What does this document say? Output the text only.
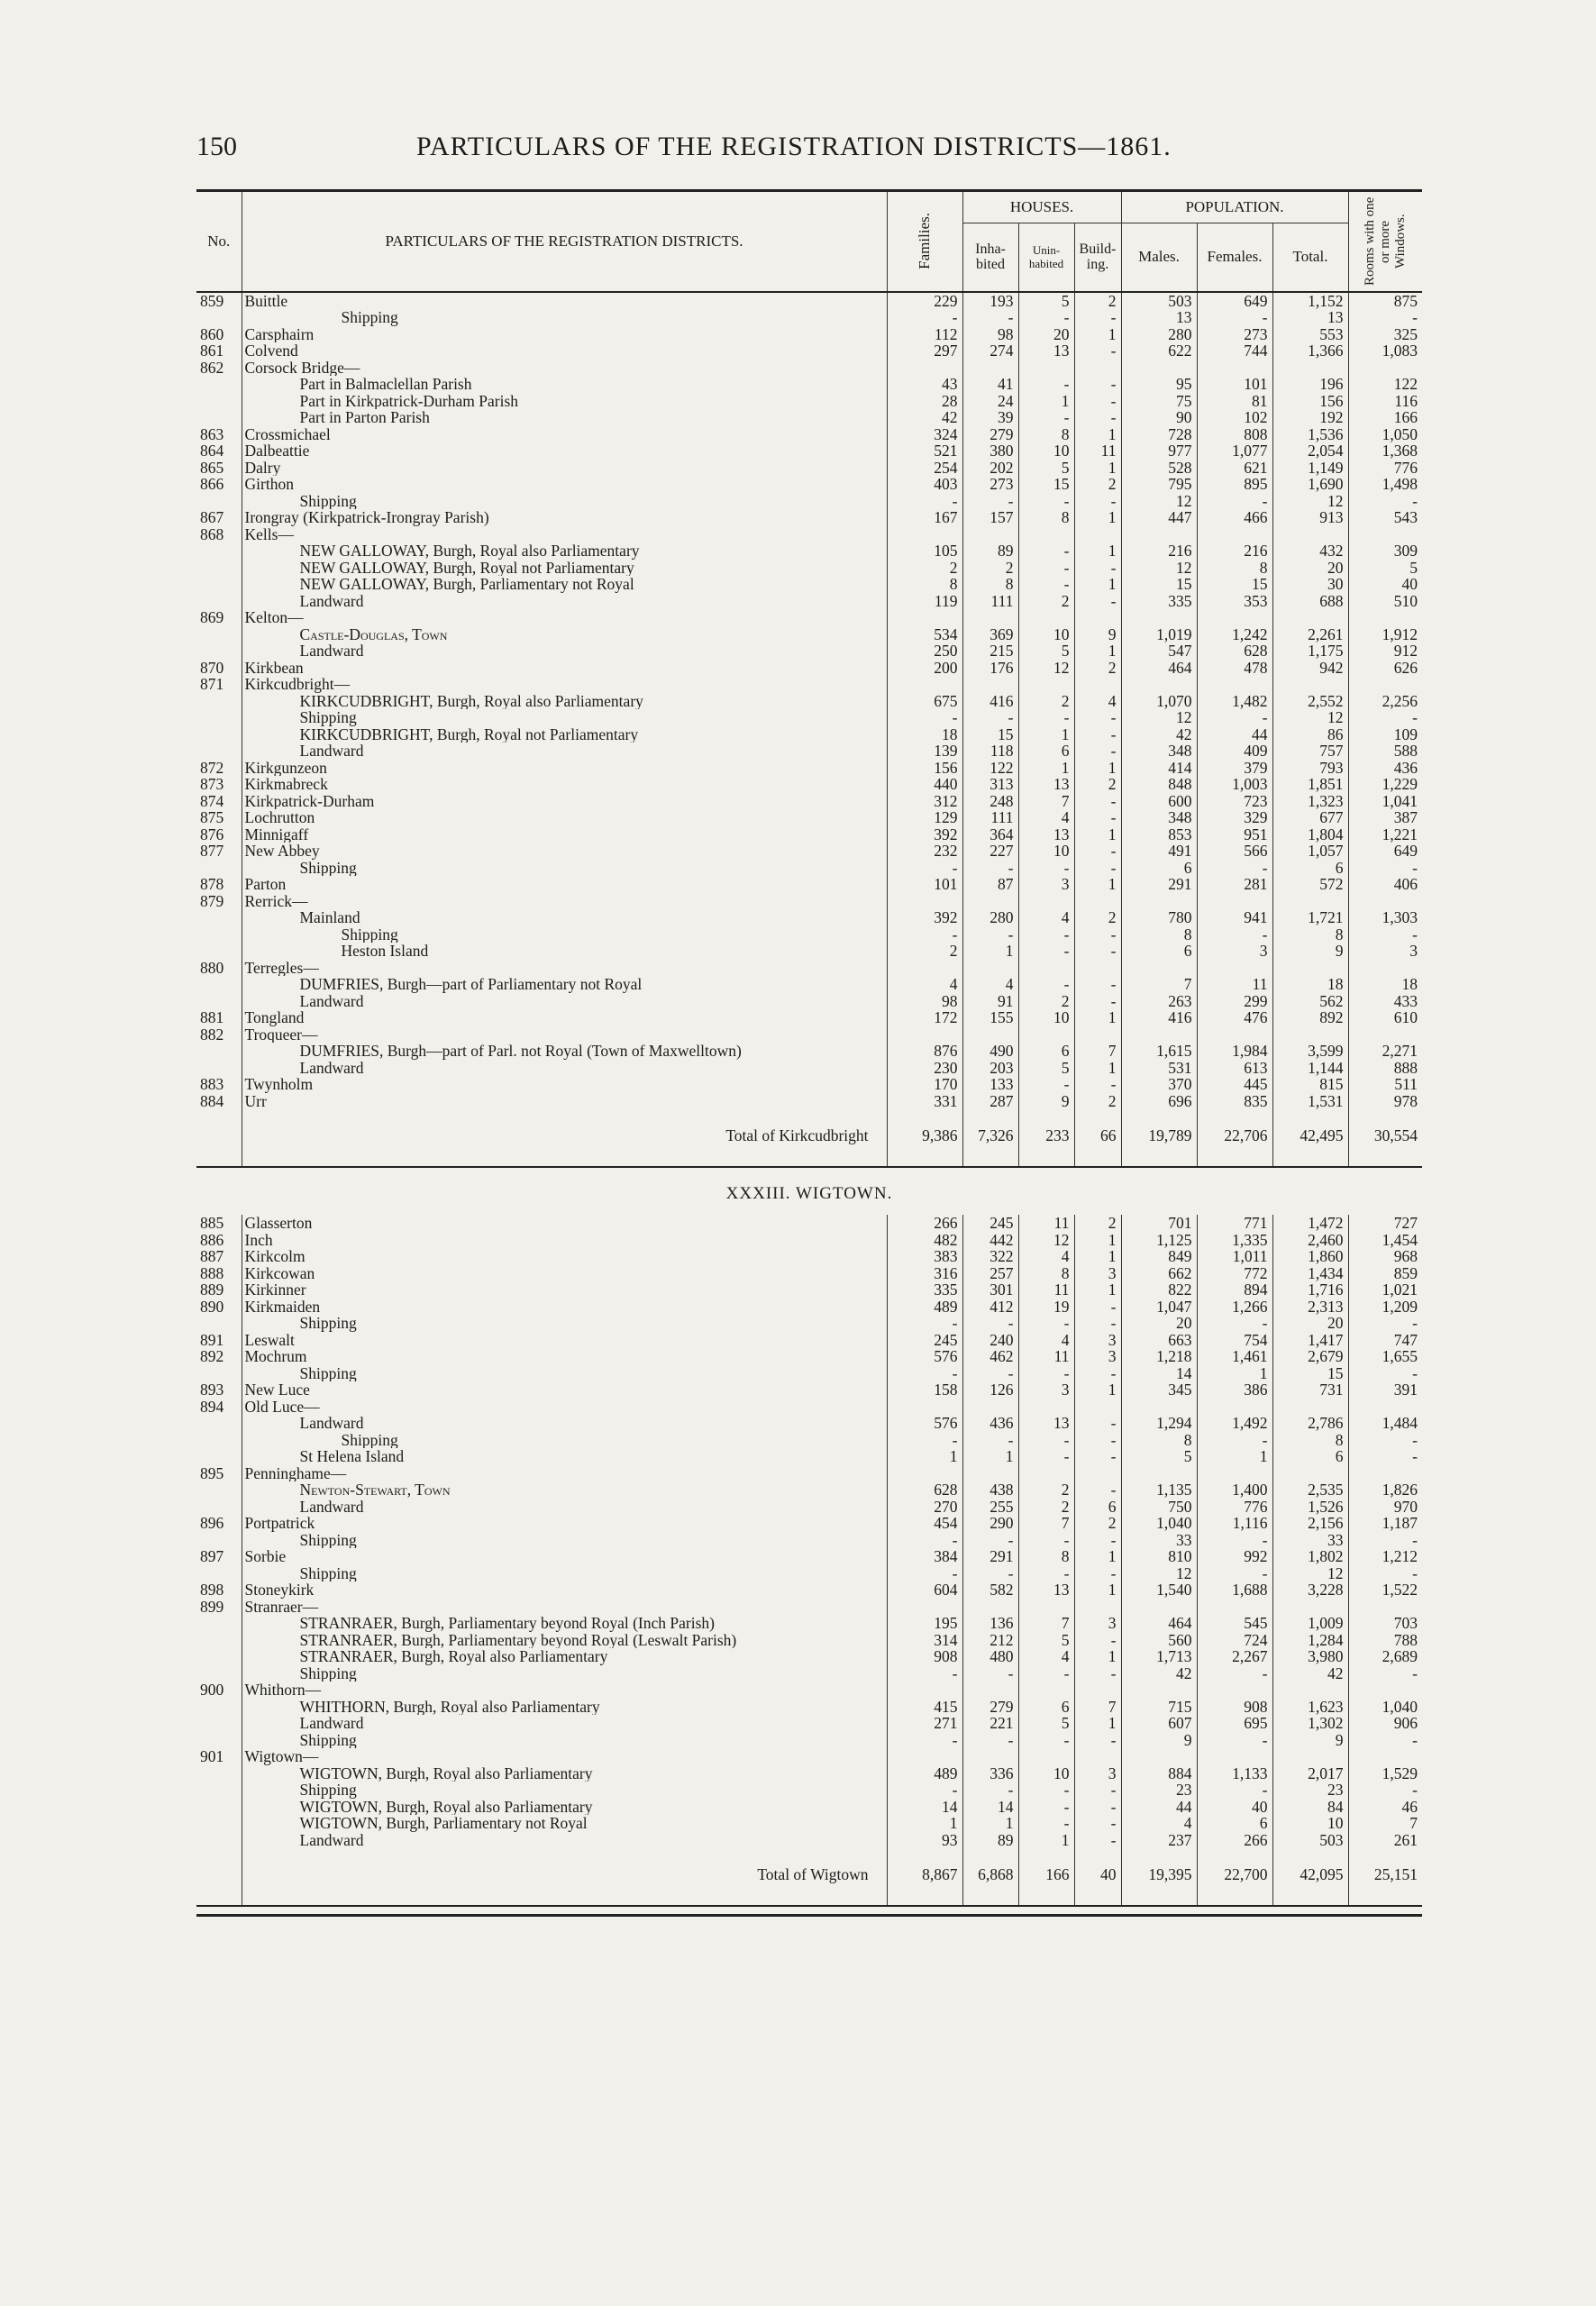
150	PARTICULARS OF THE REGISTRATION DISTRICTS—1861.
No.	PARTICULARS OF THE REGISTRATION DISTRICTS.	Families.	HOUSES.			POPULATION.			Rooms with one or more Windows.

			Inha- bited	Unin- habited	Build- ing.	Males.	Females.	Total.	
859	Buittle	229	193	5	2	503	649	1,152	875
	Shipping	-	-	-	-	13	-	13	-
860	Carsphairn	112	98	20	1	280	273	553	325
861	Colvend	297	274	13	-	622	744	1,366	1,083
862	Corsock Bridge—								
	Part in Balmaclellan Parish	43	41	-	-	95	101	196	122
	Part in Kirkpatrick-Durham Parish	28	24	1	-	75	81	156	116
	Part in Parton Parish	42	39	-	-	90	102	192	166
863	Crossmichael	324	279	8	1	728	808	1,536	1,050
864	Dalbeattie	521	380	10	11	977	1,077	2,054	1,368
865	Dalry	254	202	5	1	528	621	1,149	776
866	Girthon	403	273	15	2	795	895	1,690	1,498
	Shipping	-	-	-	-	12	-	12	-
867	Irongray (Kirkpatrick-Irongray Parish)	167	157	8	1	447	466	913	543
868	Kells—								
	NEW GALLOWAY, Burgh, Royal also Parliamentary	105	89	-	1	216	216	432	309
	NEW GALLOWAY, Burgh, Royal not Parliamentary	2	2	-	-	12	8	20	5
	NEW GALLOWAY, Burgh, Parliamentary not Royal	8	8	-	1	15	15	30	40
	Landward	119	111	2	-	335	353	688	510
869	Kelton—								
	Castle-Douglas, Town	534	369	10	9	1,019	1,242	2,261	1,912
	Landward	250	215	5	1	547	628	1,175	912
870	Kirkbean	200	176	12	2	464	478	942	626
871	Kirkcudbright—								
	KIRKCUDBRIGHT, Burgh, Royal also Parliamentary	675	416	2	4	1,070	1,482	2,552	2,256
	Shipping	-	-	-	-	12	-	12	-
	KIRKCUDBRIGHT, Burgh, Royal not Parliamentary	18	15	1	-	42	44	86	109
	Landward	139	118	6	-	348	409	757	588
872	Kirkgunzeon	156	122	1	1	414	379	793	436
873	Kirkmabreck	440	313	13	2	848	1,003	1,851	1,229
874	Kirkpatrick-Durham	312	248	7	-	600	723	1,323	1,041
875	Lochrutton	129	111	4	-	348	329	677	387
876	Minnigaff	392	364	13	1	853	951	1,804	1,221
877	New Abbey	232	227	10	-	491	566	1,057	649
	Shipping	-	-	-	-	6	-	6	-
878	Parton	101	87	3	1	291	281	572	406
879	Rerrick—								
	Mainland	392	280	4	2	780	941	1,721	1,303
	Shipping	-	-	-	-	8	-	8	-
	Heston Island	2	1	-	-	6	3	9	3
880	Terregles—								
	DUMFRIES, Burgh—part of Parliamentary not Royal	4	4	-	-	7	11	18	18
	Landward	98	91	2	-	263	299	562	433
881	Tongland	172	155	10	1	416	476	892	610
882	Troqueer—								
	DUMFRIES, Burgh—part of Parl. not Royal (Town of Maxwelltown)	876	490	6	7	1,615	1,984	3,599	2,271
	Landward	230	203	5	1	531	613	1,144	888
883	Twynholm	170	133	-	-	370	445	815	511
884	Urr	331	287	9	2	696	835	1,531	978
	Total of Kirkcudbright	9,386	7,326	233	66	19,789	22,706	42,495	30,554
XXXIII. WIGTOWN.									
885	Glasserton	266	245	11	2	701	771	1,472	727
886	Inch	482	442	12	1	1,125	1,335	2,460	1,454
887	Kirkcolm	383	322	4	1	849	1,011	1,860	968
888	Kirkcowan	316	257	8	3	662	772	1,434	859
889	Kirkinner	335	301	11	1	822	894	1,716	1,021
890	Kirkmaiden	489	412	19	-	1,047	1,266	2,313	1,209
	Shipping	-	-	-	-	20	-	20	-
891	Leswalt	245	240	4	3	663	754	1,417	747
892	Mochrum	576	462	11	3	1,218	1,461	2,679	1,655
	Shipping	-	-	-	-	14	1	15	-
893	New Luce	158	126	3	1	345	386	731	391
894	Old Luce—								
	Landward	576	436	13	-	1,294	1,492	2,786	1,484
	Shipping	-	-	-	-	8	-	8	-
	St Helena Island	1	1	-	-	5	1	6	-
895	Penninghame—								
	Newton-Stewart, Town	628	438	2	-	1,135	1,400	2,535	1,826
	Landward	270	255	2	6	750	776	1,526	970
896	Portpatrick	454	290	7	2	1,040	1,116	2,156	1,187
	Shipping	-	-	-	-	33	-	33	-
897	Sorbie	384	291	8	1	810	992	1,802	1,212
	Shipping	-	-	-	-	12	-	12	-
898	Stoneykirk	604	582	13	1	1,540	1,688	3,228	1,522
899	Stranraer—								
	STRANRAER, Burgh, Parliamentary beyond Royal (Inch Parish)	195	136	7	3	464	545	1,009	703
	STRANRAER, Burgh, Parliamentary beyond Royal (Leswalt Parish)	314	212	5	-	560	724	1,284	788
	STRANRAER, Burgh, Royal also Parliamentary	908	480	4	1	1,713	2,267	3,980	2,689
	Shipping	-	-	-	-	42	-	42	-
900	Whithorn—								
	WHITHORN, Burgh, Royal also Parliamentary	415	279	6	7	715	908	1,623	1,040
	Landward	271	221	5	1	607	695	1,302	906
	Shipping	-	-	-	-	9	-	9	-
901	Wigtown—								
	WIGTOWN, Burgh, Royal also Parliamentary	489	336	10	3	884	1,133	2,017	1,529
	Shipping	-	-	-	-	23	-	23	-
	WIGTOWN, Burgh, Royal also Parliamentary	14	14	-	-	44	40	84	46
	WIGTOWN, Burgh, Parliamentary not Royal	1	1	-	-	4	6	10	7
	Landward	93	89	1	-	237	266	503	261
	Total of Wigtown	8,867	6,868	166	40	19,395	22,700	42,095	25,151
